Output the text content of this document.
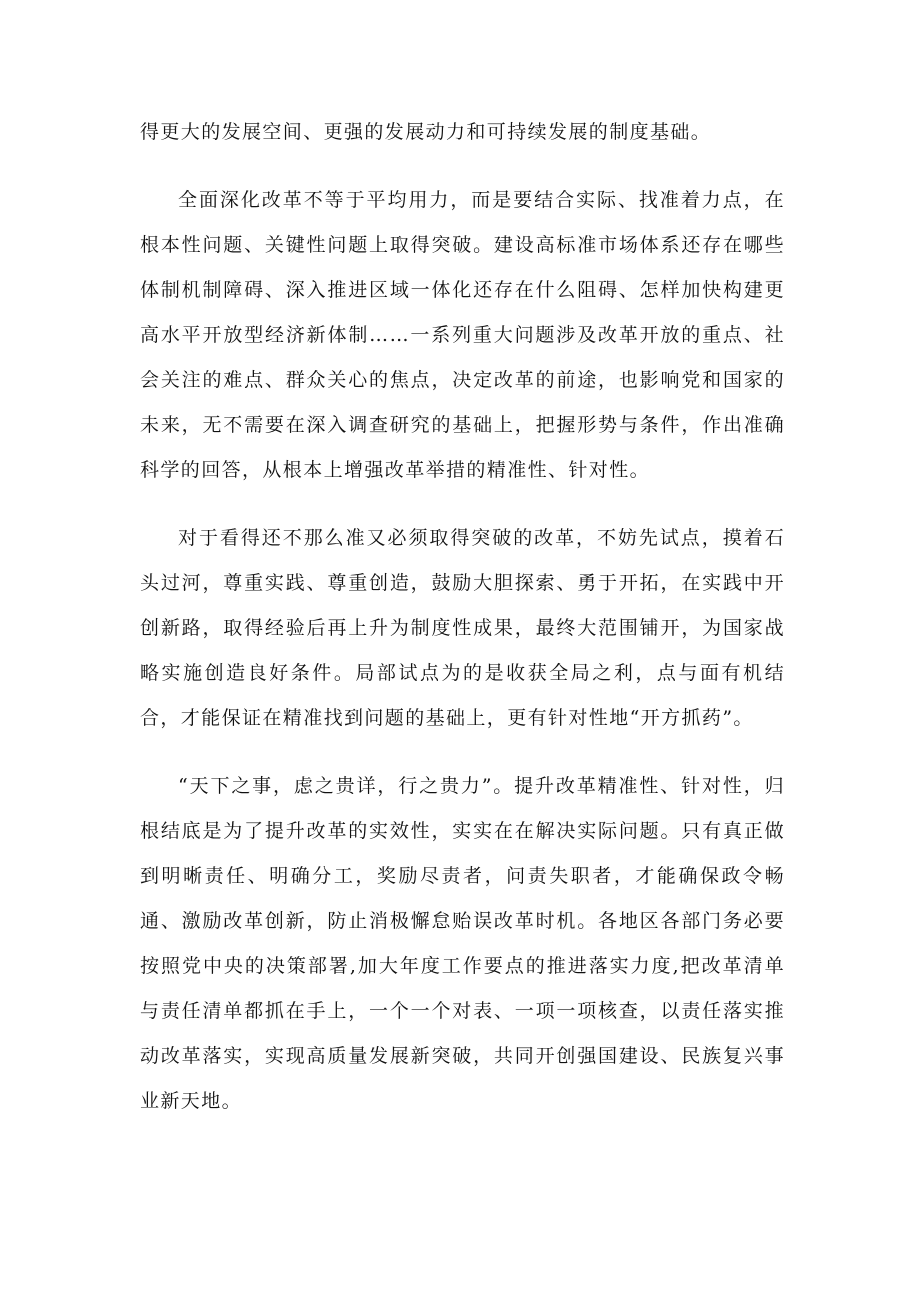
得更大的发展空间、更强的发展动力和可持续发展的制度基础。

全面深化改革不等于平均用力，而是要结合实际、找准着力点，在根本性问题、关键性问题上取得突破。建设高标准市场体系还存在哪些体制机制障碍、深入推进区域一体化还存在什么阻碍、怎样加快构建更高水平开放型经济新体制……一系列重大问题涉及改革开放的重点、社会关注的难点、群众关心的焦点，决定改革的前途，也影响党和国家的未来，无不需要在深入调查研究的基础上，把握形势与条件，作出准确科学的回答，从根本上增强改革举措的精准性、针对性。

对于看得还不那么准又必须取得突破的改革，不妨先试点，摸着石头过河，尊重实践、尊重创造，鼓励大胆探索、勇于开拓，在实践中开创新路，取得经验后再上升为制度性成果，最终大范围铺开，为国家战略实施创造良好条件。局部试点为的是收获全局之利，点与面有机结合，才能保证在精准找到问题的基础上，更有针对性地“开方抓药”。

“天下之事，虑之贵详，行之贵力”。提升改革精准性、针对性，归根结底是为了提升改革的实效性，实实在在解决实际问题。只有真正做到明晰责任、明确分工，奖励尽责者，问责失职者，才能确保政令畅通、激励改革创新，防止消极懈怠贻误改革时机。各地区各部门务必要按照党中央的决策部署,加大年度工作要点的推进落实力度,把改革清单与责任清单都抓在手上，一个一个对表、一项一项核查，以责任落实推动改革落实，实现高质量发展新突破，共同开创强国建设、民族复兴事业新天地。
